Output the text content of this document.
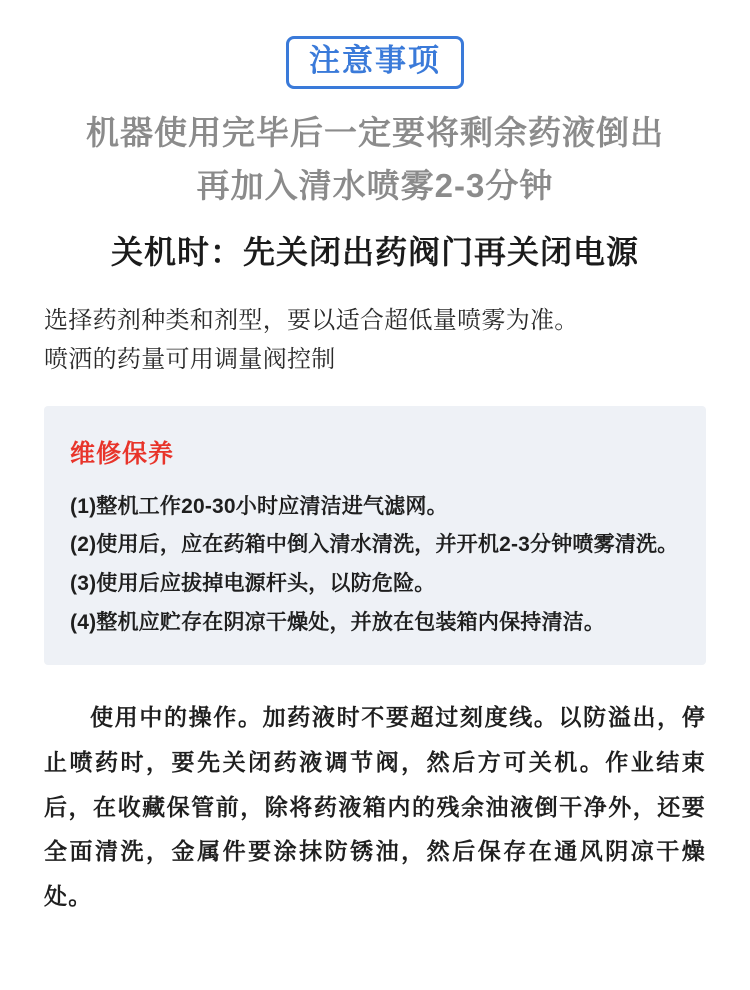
注意事项
机器使用完毕后一定要将剩余药液倒出
再加入清水喷雾2-3分钟
关机时：先关闭出药阀门再关闭电源
选择药剂种类和剂型，要以适合超低量喷雾为准。
喷洒的药量可用调量阀控制
维修保养
(1)整机工作20-30小时应清洁进气滤网。
(2)使用后，应在药箱中倒入清水清洗，并开机2-3分钟喷雾清洗。
(3)使用后应拔掉电源杆头，以防危险。
(4)整机应贮存在阴凉干燥处，并放在包装箱内保持清洁。
使用中的操作。加药液时不要超过刻度线。以防溢出，停止喷药时，要先关闭药液调节阀，然后方可关机。作业结束后，在收藏保管前，除将药液箱内的残余油液倒干净外，还要全面清洗，金属件要涂抹防锈油，然后保存在通风阴凉干燥处。
